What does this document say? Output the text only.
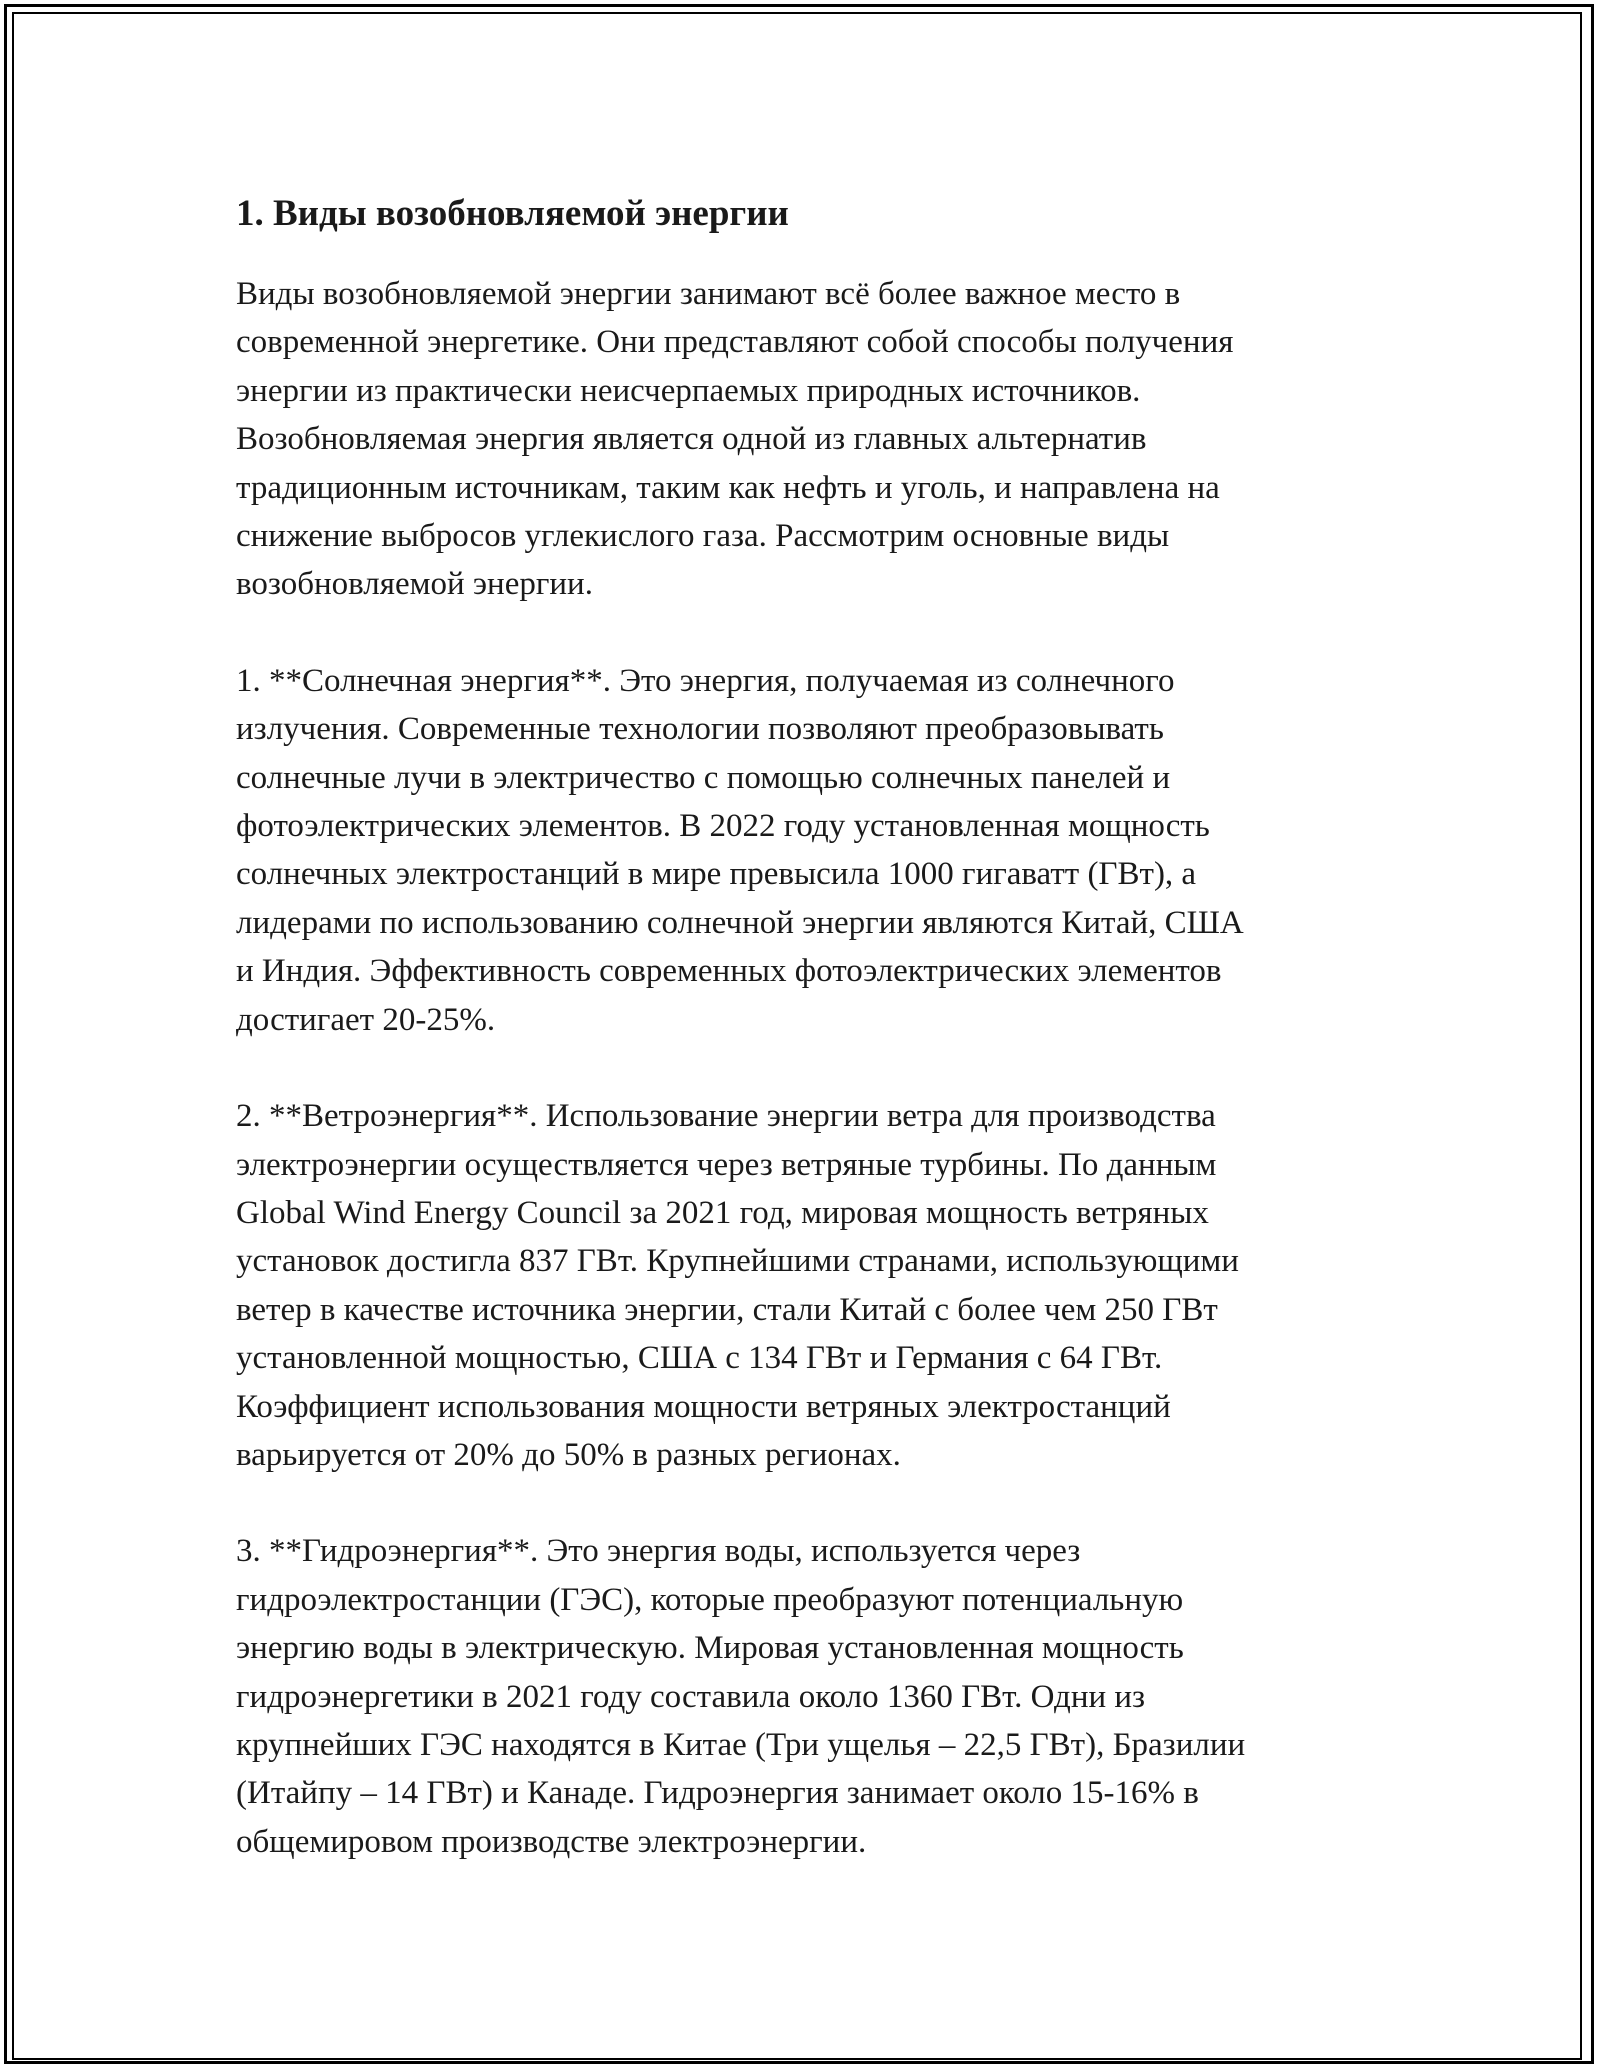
1. Виды возобновляемой энергии

Виды возобновляемой энергии занимают всё более важное место в
современной энергетике. Они представляют собой способы получения
энергии из практически неисчерпаемых природных источников.
Возобновляемая энергия является одной из главных альтернатив
традиционным источникам, таким как нефть и уголь, и направлена на
снижение выбросов углекислого газа. Рассмотрим основные виды
возобновляемой энергии.

1. **Солнечная энергия**. Это энергия, получаемая из солнечного
излучения. Современные технологии позволяют преобразовывать
солнечные лучи в электричество с помощью солнечных панелей и
фотоэлектрических элементов. В 2022 году установленная мощность
солнечных электростанций в мире превысила 1000 гигаватт (ГВт), а
лидерами по использованию солнечной энергии являются Китай, США
и Индия. Эффективность современных фотоэлектрических элементов
достигает 20-25%.

2. **Ветроэнергия**. Использование энергии ветра для производства
электроэнергии осуществляется через ветряные турбины. По данным
Global Wind Energy Council за 2021 год, мировая мощность ветряных
установок достигла 837 ГВт. Крупнейшими странами, использующими
ветер в качестве источника энергии, стали Китай с более чем 250 ГВт
установленной мощностью, США с 134 ГВт и Германия с 64 ГВт.
Коэффициент использования мощности ветряных электростанций
варьируется от 20% до 50% в разных регионах.

3. **Гидроэнергия**. Это энергия воды, используется через
гидроэлектростанции (ГЭС), которые преобразуют потенциальную
энергию воды в электрическую. Мировая установленная мощность
гидроэнергетики в 2021 году составила около 1360 ГВт. Одни из
крупнейших ГЭС находятся в Китае (Три ущелья – 22,5 ГВт), Бразилии
(Итайпу – 14 ГВт) и Канаде. Гидроэнергия занимает около 15-16% в
общемировом производстве электроэнергии.
